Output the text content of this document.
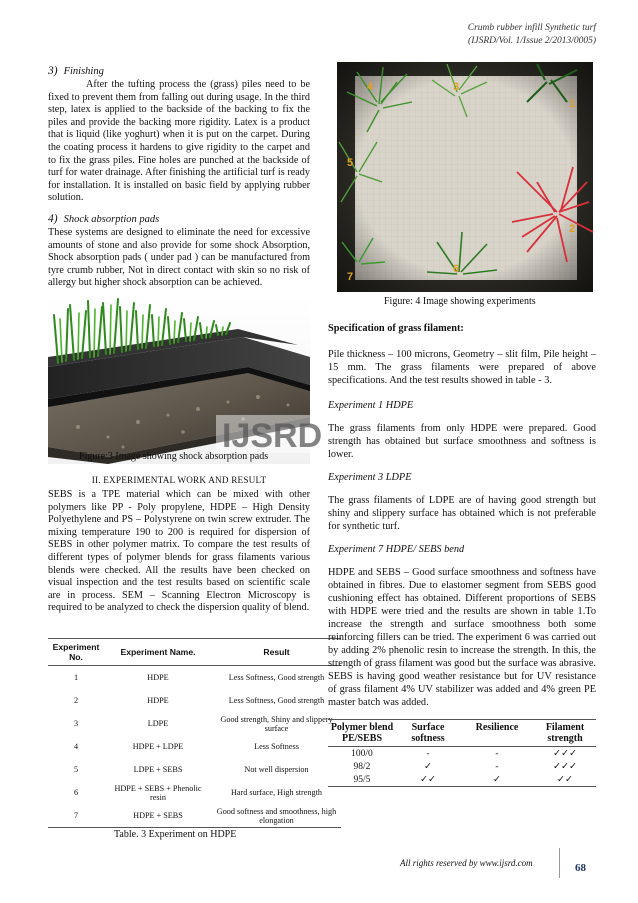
Crumb rubber infill Synthetic turf
(IJSRD/Vol. 1/Issue 2/2013/0005)
3) Finishing

After the tufting process the (grass) piles need to be fixed to prevent them from falling out during usage. In the third step, latex is applied to the backside of the backing to fix the piles and provide the backing more rigidity. Latex is a product that is liquid (like yoghurt) when it is put on the carpet. During the coating process it hardens to give rigidity to the carpet and to fix the grass piles. Fine holes are punched at the backside of turf for water drainage. After finishing the artificial turf is ready for installation. It is installed on basic field by applying rubber solution.

4) Shock absorption pads

These systems are designed to eliminate the need for excessive amounts of stone and also provide for some shock Absorption, Shock absorption pads ( under pad ) can be manufactured from tyre crumb rubber, Not in direct contact with skin so no risk of allergy but higher shock absorption can be achieved.

IJSRD
Figure:3 Image showing shock absorption pads

II. EXPERIMENTAL WORK AND RESULT

SEBS is a TPE material which can be mixed with other polymers like PP - Poly propylene, HDPE – High Density Polyethylene and PS – Polystyrene on twin screw extruder. The mixing temperature 190 to 200 is required for dispersion of SEBS in other polymer matrix. To compare the test results of different types of polymer blends for grass filaments various blends were checked. All the results have been checked on visual inspection and the test results based on scientific scale are in process. SEM – Scanning Electron Microscopy is required to be analyzed to check the dispersion quality of blend.

Experiment No.	Experiment Name.	Result
1	HDPE	Less Softness, Good strength
2	HDPE	Less Softness, Good strength
3	LDPE	Good strength, Shiny and slippery surface
4	HDPE + LDPE	Less Softness
5	LDPE + SEBS	Not well dispersion
6	HDPE + SEBS + Phenolic resin	Hard surface, High strength
7	HDPE + SEBS	Good softness and smoothness, high elongation
Table. 3 Experiment on HDPE
4	3
1
5
2
6
7
Figure: 4 Image showing experiments

Specification of grass filament:

Pile thickness – 100 microns, Geometry – slit film, Pile height – 15 mm. The grass filaments were prepared of above specifications. And the test results showed in table - 3.

Experiment 1 HDPE

The grass filaments from only HDPE were prepared. Good strength has obtained but surface smoothness and softness is lower.

Experiment 3 LDPE

The grass filaments of LDPE are of having good strength but shiny and slippery surface has obtained which is not preferable for synthetic turf.

Experiment 7 HDPE/ SEBS bend

HDPE and SEBS – Good surface smoothness and softness have obtained in fibres. Due to elastomer segment from SEBS good cushioning effect has obtained. Different proportions of SEBS with HDPE were tried and the results are shown in table 1.To increase the strength and surface smoothness both some reinforcing fillers can be tried. The experiment 6 was carried out by adding 2% phenolic resin to increase the strength. In this, the strength of grass filament was good but the surface was abrasive. SEBS is having good weather resistance but for UV resistance of grass filament 4% UV stabilizer was added and 4% green PE master batch was added.

Polymer blend PE/SEBS	Surface softness	Resilience	Filament strength
100/0	-	-	✓✓✓
98/2	✓	-	✓✓✓
95/5	✓✓	✓	✓✓
All rights reserved by www.ijsrd.com	68
